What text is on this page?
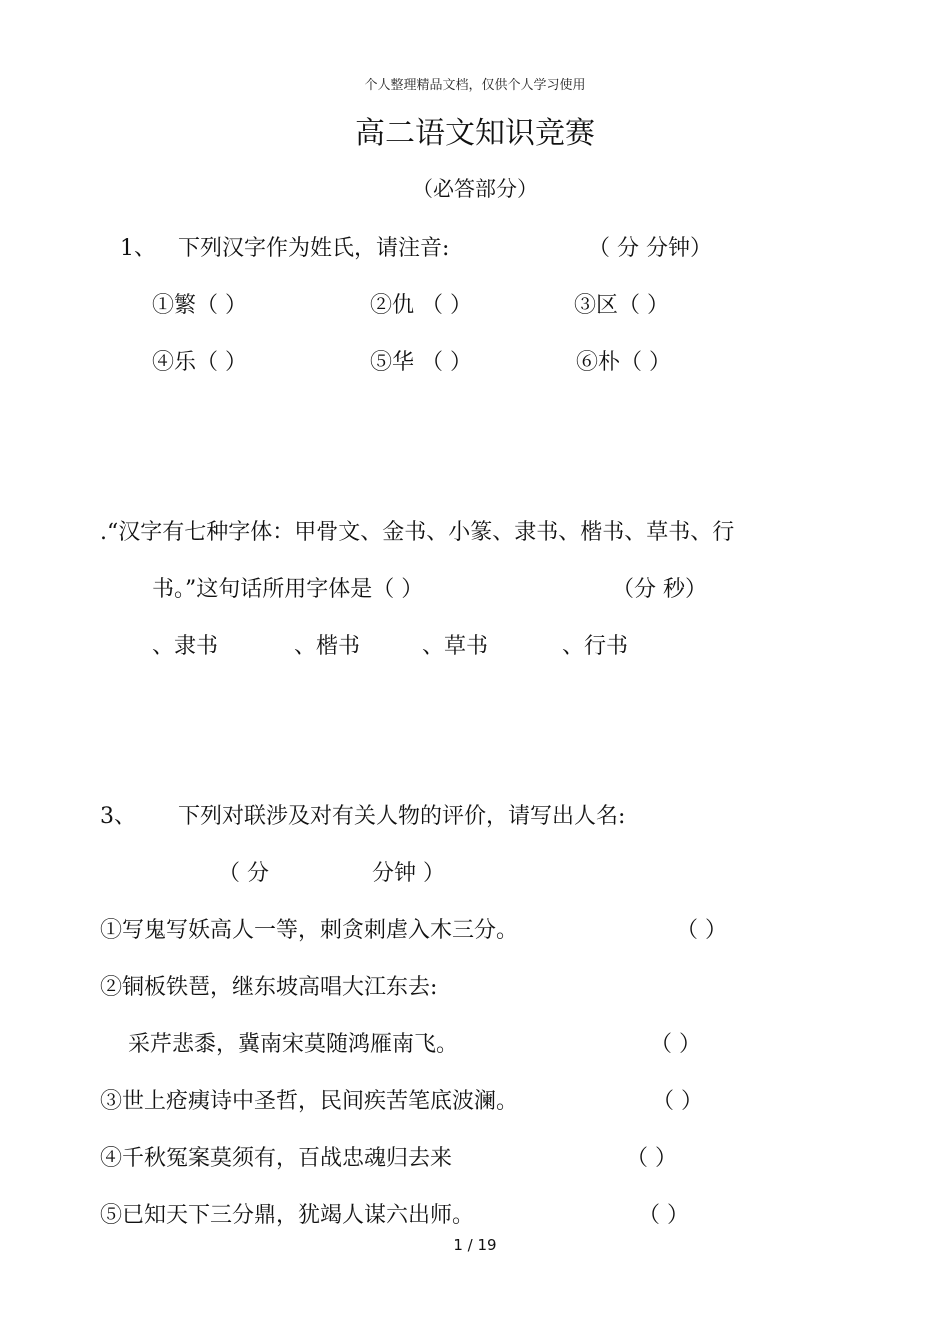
个人整理精品文档，仅供个人学习使用
高二语文知识竞赛
（必答部分）
1、 下列汉字作为姓氏，请注音:	（ 分 分钟）
①繁（ ）	②仇 （ ）	③区（ ）
④乐（ ）	⑤华 （ ）	⑥朴（ ）
.“汉字有七种字体：甲骨文、金书、小篆、隶书、楷书、草书、行
书。”这句话所用字体是（ ）	（分 秒）
、隶书	、楷书	、草书	、行书
3、 下列对联涉及对有关人物的评价，请写出人名:
（ 分	分钟 ）
①写鬼写妖高人一等，刺贪刺虐入木三分。	（ ）
②铜板铁琶，继东坡高唱大江东去:
采芹悲黍，冀南宋莫随鸿雁南飞。	（ ）
③世上疮痍诗中圣哲，民间疾苦笔底波澜。	（ ）
④千秋冤案莫须有，百战忠魂归去来	（ ）
⑤已知天下三分鼎，犹竭人谋六出师。	（ ）
1 / 19
